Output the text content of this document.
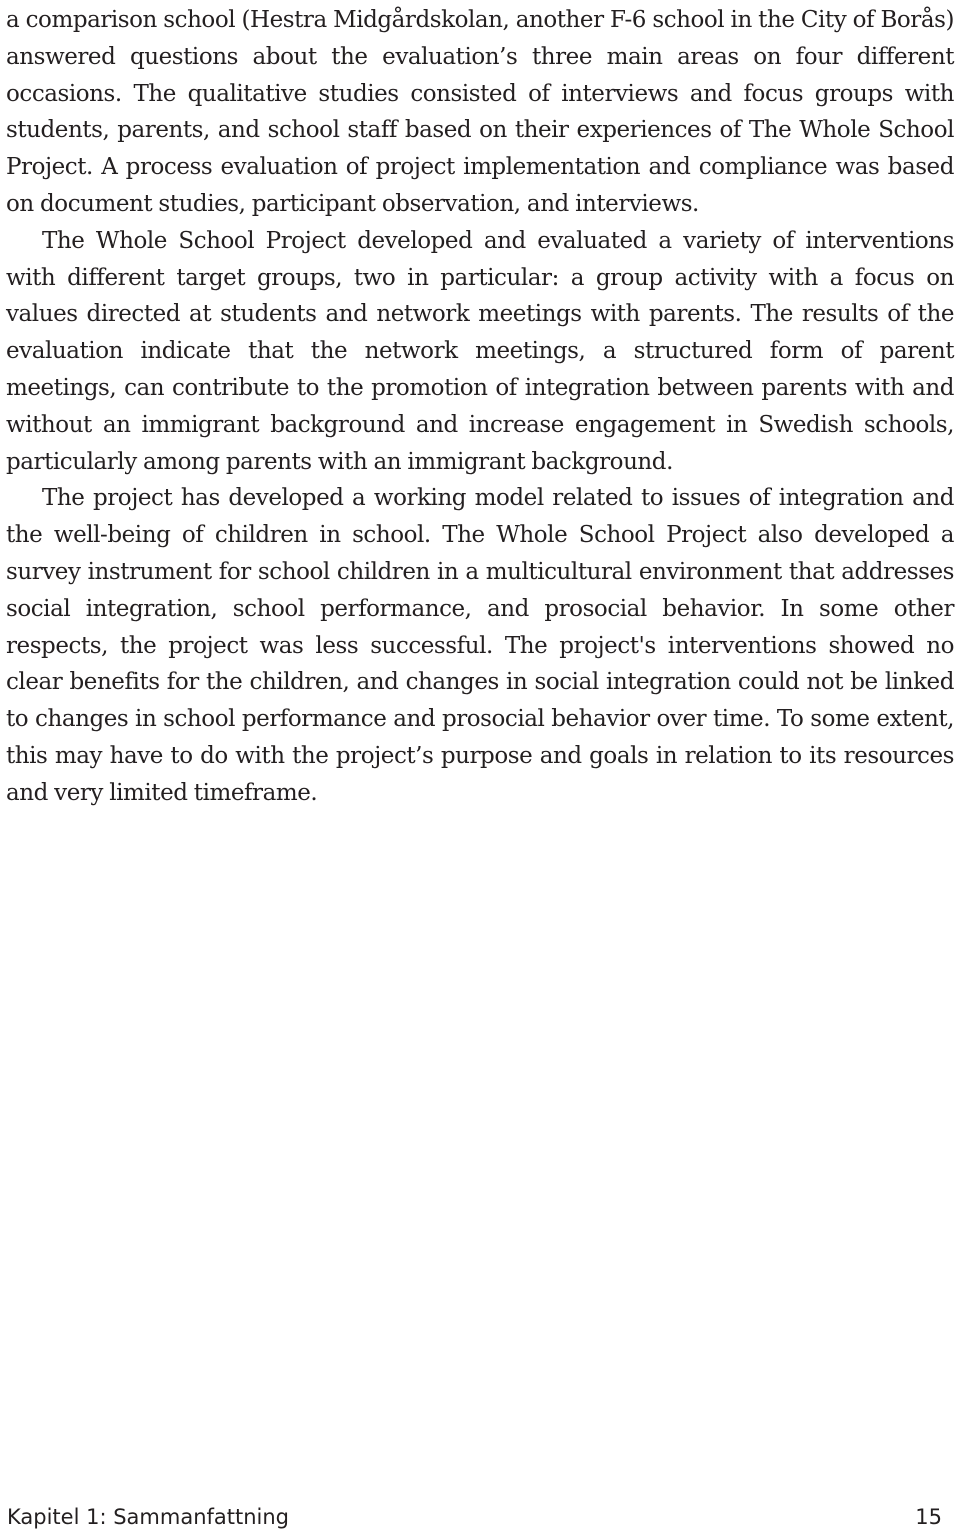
a comparison school (Hestra Midgårdskolan, another F-6 school in the City of Borås) answered questions about the evaluation’s three main areas on four different occasions. The qualitative studies consisted of interviews and focus groups with students, parents, and school staff based on their experiences of The Whole School Project. A process evaluation of project implementation and compliance was based on document studies, participant observation, and interviews.

The Whole School Project developed and evaluated a variety of interventions with different target groups, two in particular: a group activity with a focus on values directed at students and network meetings with parents. The results of the evaluation indicate that the network meetings, a structured form of parent meetings, can contribute to the promotion of integration between parents with and without an immigrant background and increase engagement in Swedish schools, particularly among parents with an immigrant background.

The project has developed a working model related to issues of integration and the well-being of children in school. The Whole School Project also developed a survey instrument for school children in a multicultural environment that addresses social integration, school performance, and prosocial behavior. In some other respects, the project was less successful. The project's interventions showed no clear benefits for the children, and changes in social integration could not be linked to changes in school performance and prosocial behavior over time. To some extent, this may have to do with the project’s purpose and goals in relation to its resources and very limited timeframe.

Kapitel 1: Sammanfattning	15
